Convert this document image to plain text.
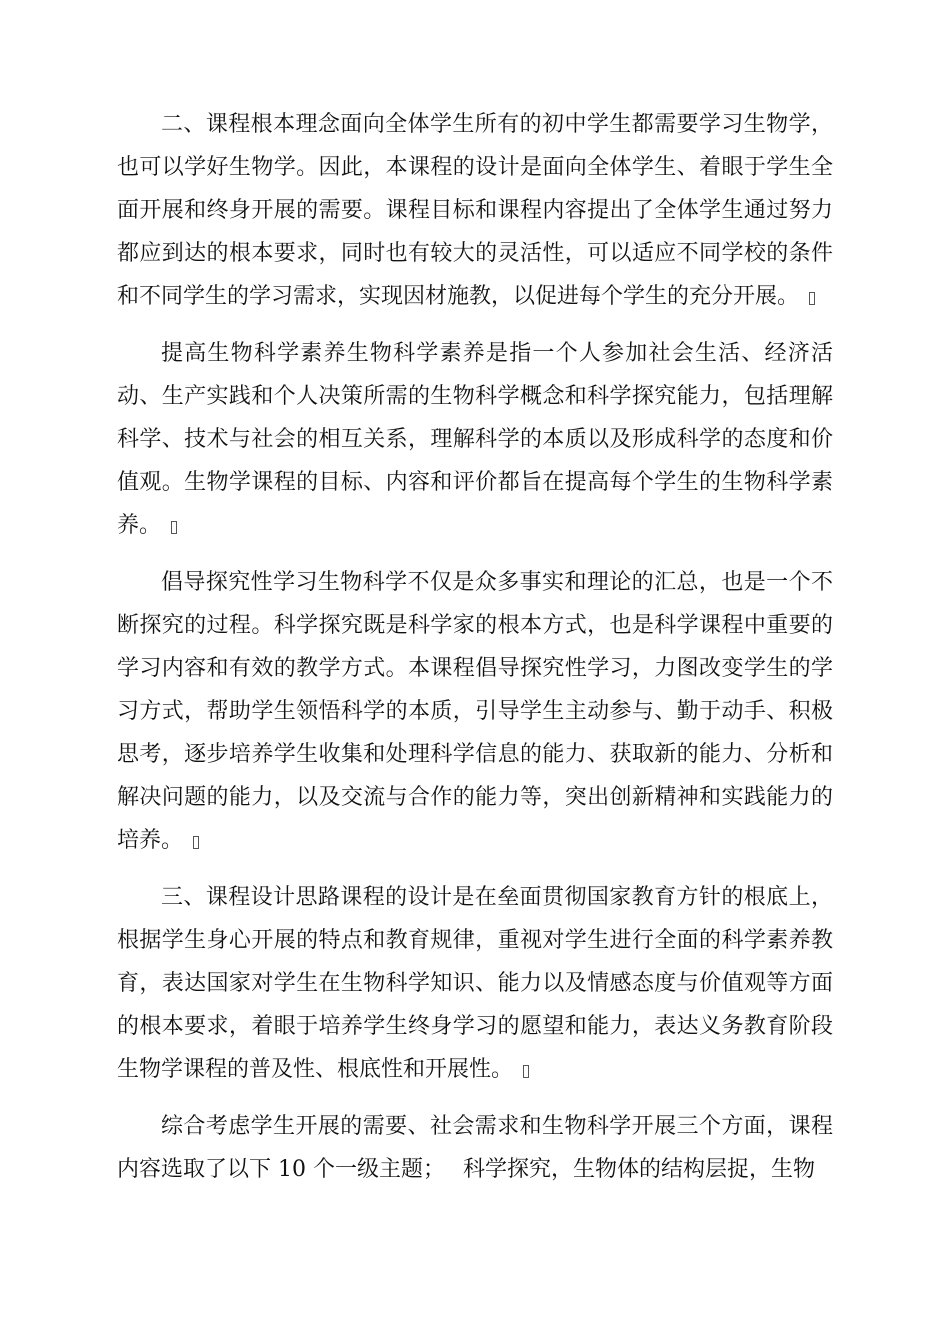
二、课程根本理念面向全体学生所有的初中学生都需要学习生物学，也可以学好生物学。因此，本课程的设计是面向全体学生、着眼于学生全面开展和终身开展的需要。课程目标和课程内容提出了全体学生通过努力都应到达的根本要求，同时也有较大的灵活性，可以适应不同学校的条件和不同学生的学习需求，实现因材施教，以促进每个学生的充分开展。

提高生物科学素养生物科学素养是指一个人参加社会生活、经济活动、生产实践和个人决策所需的生物科学概念和科学探究能力，包括理解科学、技术与社会的相互关系，理解科学的本质以及形成科学的态度和价值观。生物学课程的目标、内容和评价都旨在提高每个学生的生物科学素养。

倡导探究性学习生物科学不仅是众多事实和理论的汇总，也是一个不断探究的过程。科学探究既是科学家的根本方式，也是科学课程中重要的学习内容和有效的教学方式。本课程倡导探究性学习，力图改变学生的学习方式，帮助学生领悟科学的本质，引导学生主动参与、勤于动手、积极思考，逐步培养学生收集和处理科学信息的能力、获取新的能力、分析和解决问题的能力，以及交流与合作的能力等，突出创新精神和实践能力的培养。

三、课程设计思路课程的设计是在垒面贯彻国家教育方针的根底上，根据学生身心开展的特点和教育规律，重视对学生进行全面的科学素养教育，表达国家对学生在生物科学知识、能力以及情感态度与价值观等方面的根本要求，着眼于培养学生终身学习的愿望和能力，表达义务教育阶段生物学课程的普及性、根底性和开展性。

综合考虑学生开展的需要、社会需求和生物科学开展三个方面，课程内容选取了以下 10 个一级主题；　 科学探究，生物体的结构层捉，生物
